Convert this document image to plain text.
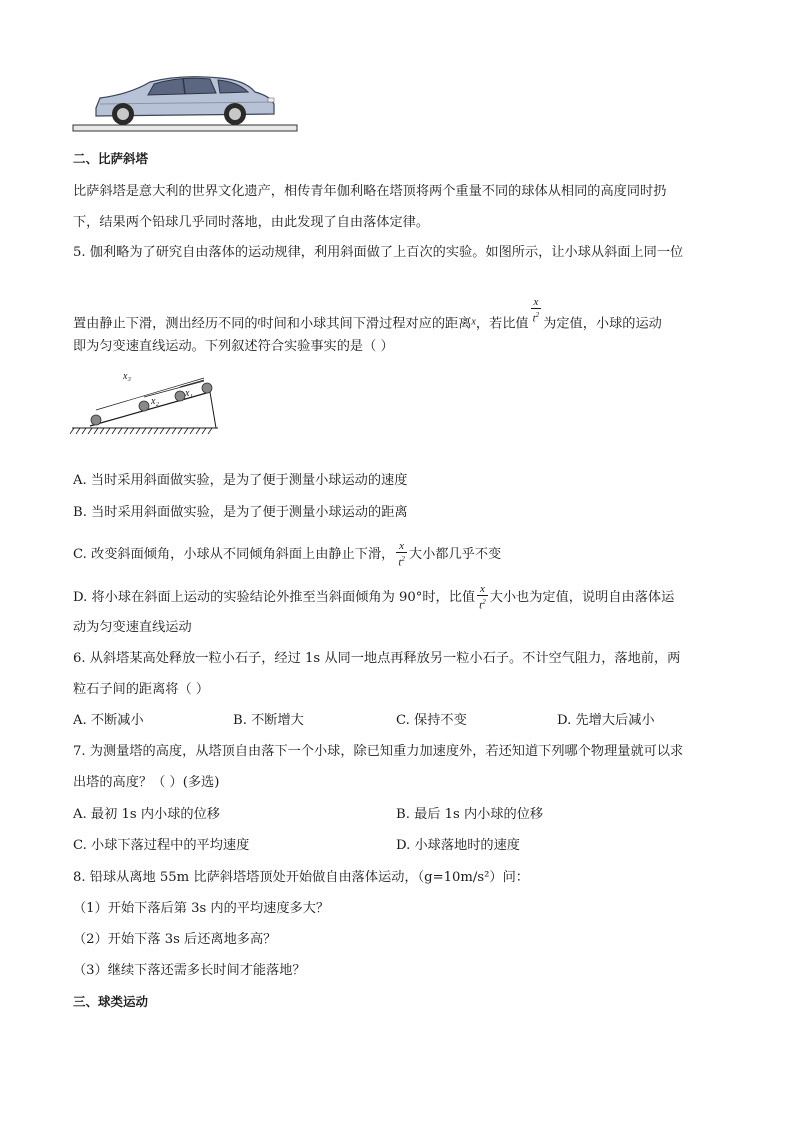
二、比萨斜塔
比萨斜塔是意大利的世界文化遗产，相传青年伽利略在塔顶将两个重量不同的球体从相同的高度同时扔
下，结果两个铅球几乎同时落地，由此发现了自由落体定律。
5. 伽利略为了研究自由落体的运动规律，利用斜面做了上百次的实验。如图所示，让小球从斜面上同一位
置由静止下滑，测出经历不同的$^t$时间和小球其间下滑过程对应的距离$^x$，若比值 $\frac{x}{t^2}$ 为定值，小球的运动
即为匀变速直线运动。下列叙述符合实验事实的是（ ）
x₃
x₂
x₁
A. 当时采用斜面做实验，是为了便于测量小球运动的速度
B. 当时采用斜面做实验，是为了便于测量小球运动的距离
C. 改变斜面倾角，小球从不同倾角斜面上由静止下滑， $\frac{x}{t^2}$ 大小都几乎不变
D. 将小球在斜面上运动的实验结论外推至当斜面倾角为 90°时，比值 $\frac{x}{t^2}$ 大小也为定值，说明自由落体运
动为匀变速直线运动
6. 从斜塔某高处释放一粒小石子，经过 1s 从同一地点再释放另一粒小石子。不计空气阻力，落地前，两
粒石子间的距离将（ ）
A. 不断减小	B. 不断增大	C. 保持不变	D. 先增大后减小
7. 为测量塔的高度，从塔顶自由落下一个小球，除已知重力加速度外，若还知道下列哪个物理量就可以求
出塔的高度？（ ）(多选)
A. 最初 1s 内小球的位移	B. 最后 1s 内小球的位移
C. 小球下落过程中的平均速度	D. 小球落地时的速度
8. 铅球从离地 55m 比萨斜塔塔顶处开始做自由落体运动，（g=10m/s²）问：
（1）开始下落后第 3s 内的平均速度多大？
（2）开始下落 3s 后还离地多高？
（3）继续下落还需多长时间才能落地？
三、球类运动
